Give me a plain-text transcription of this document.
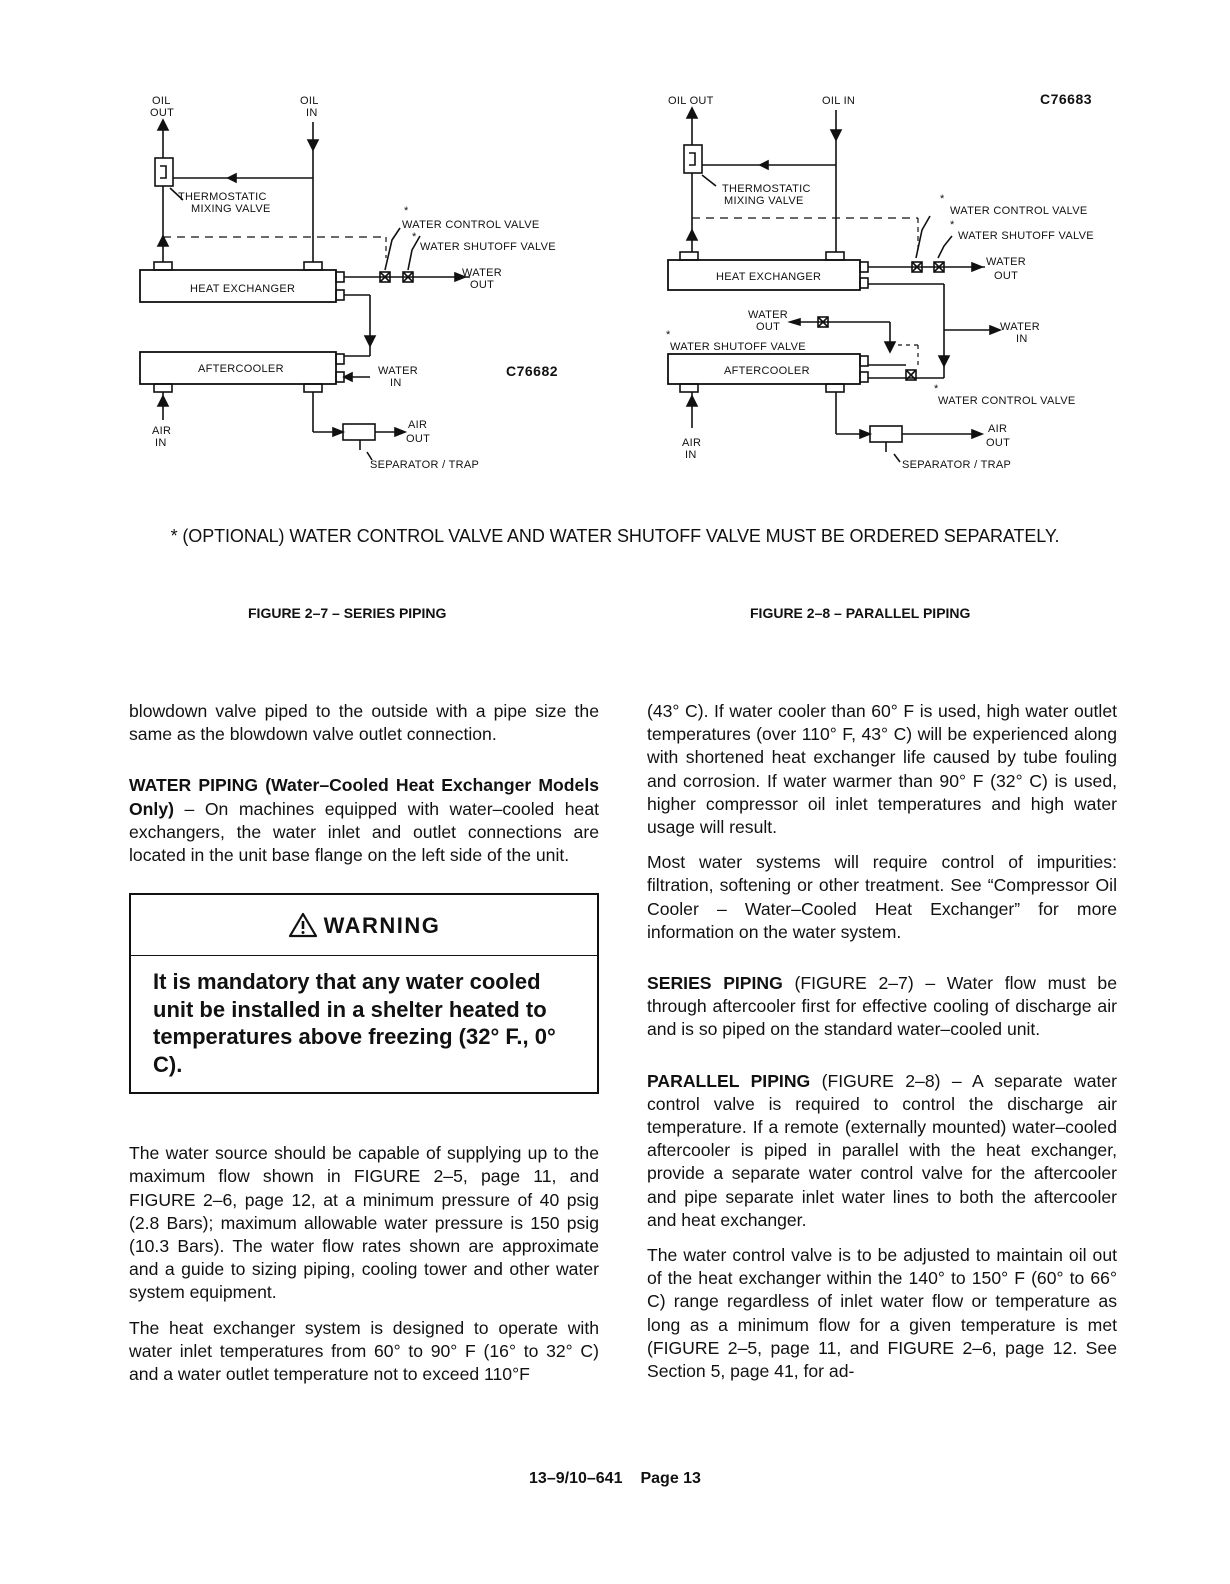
OIL
OUT
OIL
IN
THERMOSTATIC
MIXING VALVE	*
WATER CONTROL VALVE
*
WATER SHUTOFF VALVE
WATER
OUT
HEAT EXCHANGER
AFTERCOOLER	WATER
IN
C76682
AIR
IN
AIR
OUT
SEPARATOR / TRAP
OIL OUT	OIL IN	C76683
THERMOSTATIC
MIXING VALVE	*
WATER CONTROL VALVE
*
WATER SHUTOFF VALVE
HEAT EXCHANGER
WATER
OUT
WATER
OUT	WATER
IN
*
WATER SHUTOFF VALVE
AFTERCOOLER
*
WATER CONTROL VALVE
AIR
IN
AIR
OUT
SEPARATOR / TRAP
* (OPTIONAL) WATER CONTROL VALVE AND WATER SHUTOFF VALVE MUST BE ORDERED SEPARATELY.
FIGURE 2–7 – SERIES PIPING	FIGURE 2–8 – PARALLEL PIPING

blowdown valve piped to the outside with a pipe size the same as the blowdown valve outlet connection.

WATER PIPING (Water–Cooled Heat Exchanger Models Only) – On machines equipped with water–cooled heat exchangers, the water inlet and outlet connections are located in the unit base flange on the left side of the unit.

WARNING
It is mandatory that any water cooled unit be installed in a shelter heated to temperatures above freezing (32° F., 0° C).

The water source should be capable of supplying up to the maximum flow shown in FIGURE 2–5, page 11, and FIGURE 2–6, page 12, at a minimum pressure of 40 psig (2.8 Bars); maximum allowable water pressure is 150 psig (10.3 Bars). The water flow rates shown are approximate and a guide to sizing piping, cooling tower and other water system equipment.

The heat exchanger system is designed to operate with water inlet temperatures from 60° to 90° F (16° to 32° C) and a water outlet temperature not to exceed 110°F

(43° C). If water cooler than 60° F is used, high water outlet temperatures (over 110° F, 43° C) will be experienced along with shortened heat exchanger life caused by tube fouling and corrosion. If water warmer than 90° F (32° C) is used, higher compressor oil inlet temperatures and high water usage will result.

Most water systems will require control of impurities: filtration, softening or other treatment. See “Compressor Oil Cooler – Water–Cooled Heat Exchanger” for more information on the water system.

SERIES PIPING (FIGURE 2–7) – Water flow must be through aftercooler first for effective cooling of discharge air and is so piped on the standard water–cooled unit.

PARALLEL PIPING (FIGURE 2–8) – A separate water control valve is required to control the discharge air temperature. If a remote (externally mounted) water–cooled aftercooler is piped in parallel with the heat exchanger, provide a separate water control valve for the aftercooler and pipe separate inlet water lines to both the aftercooler and heat exchanger.

The water control valve is to be adjusted to maintain oil out of the heat exchanger within the 140° to 150° F (60° to 66° C) range regardless of inlet water flow or temperature as long as a minimum flow for a given temperature is met (FIGURE 2–5, page 11, and FIGURE 2–6, page 12. See Section 5, page 41, for ad-

13–9/10–641 Page 13
